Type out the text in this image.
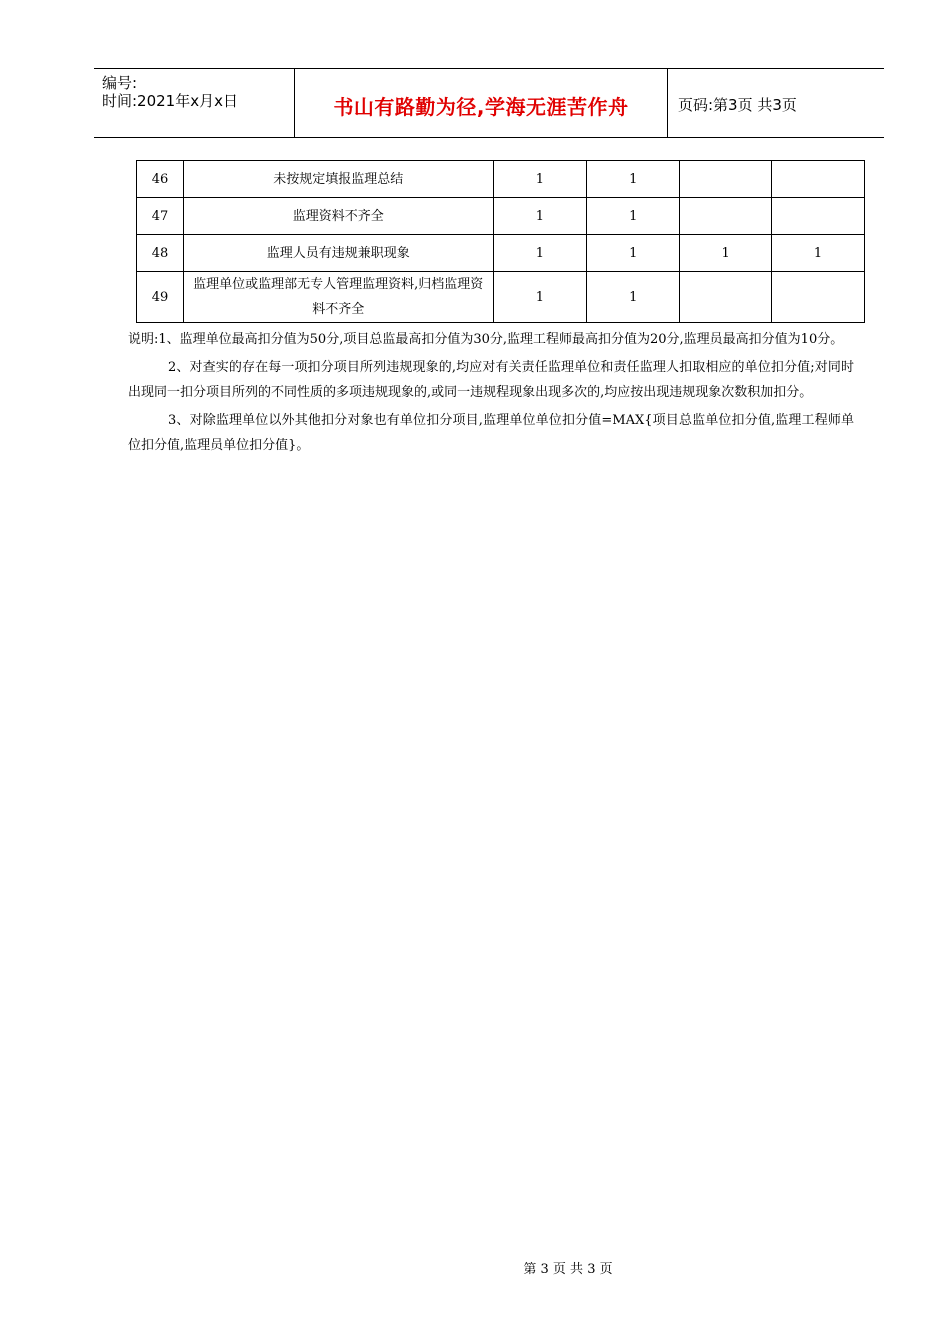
编号:
时间:2021年x月x日	书山有路勤为径,学海无涯苦作舟	页码:第3页 共3页
46	未按规定填报监理总结	1	1		
47	监理资料不齐全	1	1		
48	监理人员有违规兼职现象	1	1	1	1
49	监理单位或监理部无专人管理监理资料,归档监理资料不齐全	1	1		

说明:1、监理单位最高扣分值为50分,项目总监最高扣分值为30分,监理工程师最高扣分值为20分,监理员最高扣分值为10分。

2、对查实的存在每一项扣分项目所列违规现象的,均应对有关责任监理单位和责任监理人扣取相应的单位扣分值;对同时出现同一扣分项目所列的不同性质的多项违规现象的,或同一违规程现象出现多次的,均应按出现违规现象次数积加扣分。

3、对除监理单位以外其他扣分对象也有单位扣分项目,监理单位单位扣分值=MAX{项目总监单位扣分值,监理工程师单位扣分值,监理员单位扣分值}。

第 3 页 共 3 页
